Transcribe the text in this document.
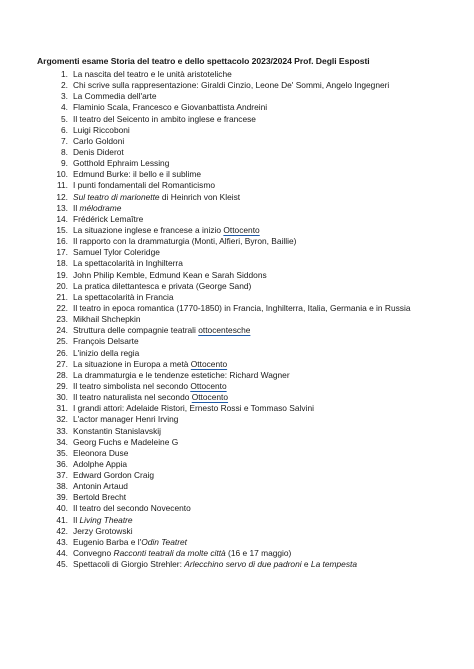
Argomenti esame Storia del teatro e dello spettacolo 2023/2024 Prof. Degli Esposti
1. La nascita del teatro e le unità aristoteliche
2. Chi scrive sulla rappresentazione: Giraldi Cinzio, Leone De' Sommi, Angelo Ingegneri
3. La Commedia dell'arte
4. Flaminio Scala, Francesco e Giovanbattista Andreini
5. Il teatro del Seicento in ambito inglese e francese
6. Luigi Riccoboni
7. Carlo Goldoni
8. Denis Diderot
9. Gotthold Ephraim Lessing
10. Edmund Burke: il bello e il sublime
11. I punti fondamentali del Romanticismo
12. Sul teatro di marionette di Heinrich von Kleist
13. Il mélodrame
14. Frédérick Lemaître
15. La situazione inglese e francese a inizio Ottocento
16. Il rapporto con la drammaturgia (Monti, Alfieri, Byron, Baillie)
17. Samuel Tylor Coleridge
18. La spettacolarità in Inghilterra
19. John Philip Kemble, Edmund Kean e Sarah Siddons
20. La pratica dilettantesca e privata (George Sand)
21. La spettacolarità in Francia
22. Il teatro in epoca romantica (1770-1850) in Francia, Inghilterra, Italia, Germania e in Russia
23. Mikhail Shchepkin
24. Struttura delle compagnie teatrali ottocentesche
25. François Delsarte
26. L'inizio della regia
27. La situazione in Europa a metà Ottocento
28. La drammaturgia e le tendenze estetiche: Richard Wagner
29. Il teatro simbolista nel secondo Ottocento
30. Il teatro naturalista nel secondo Ottocento
31. I grandi attori: Adelaide Ristori, Ernesto Rossi e Tommaso Salvini
32. L'actor manager Henri Irving
33. Konstantin Stanislavskij
34. Georg Fuchs e Madeleine G
35. Eleonora Duse
36. Adolphe Appia
37. Edward Gordon Craig
38. Antonin Artaud
39. Bertold Brecht
40. Il teatro del secondo Novecento
41. Il Living Theatre
42. Jerzy Grotowski
43. Eugenio Barba e l'Odin Teatret
44. Convegno Racconti teatrali da molte città (16 e 17 maggio)
45. Spettacoli di Giorgio Strehler: Arlecchino servo di due padroni e La tempesta
